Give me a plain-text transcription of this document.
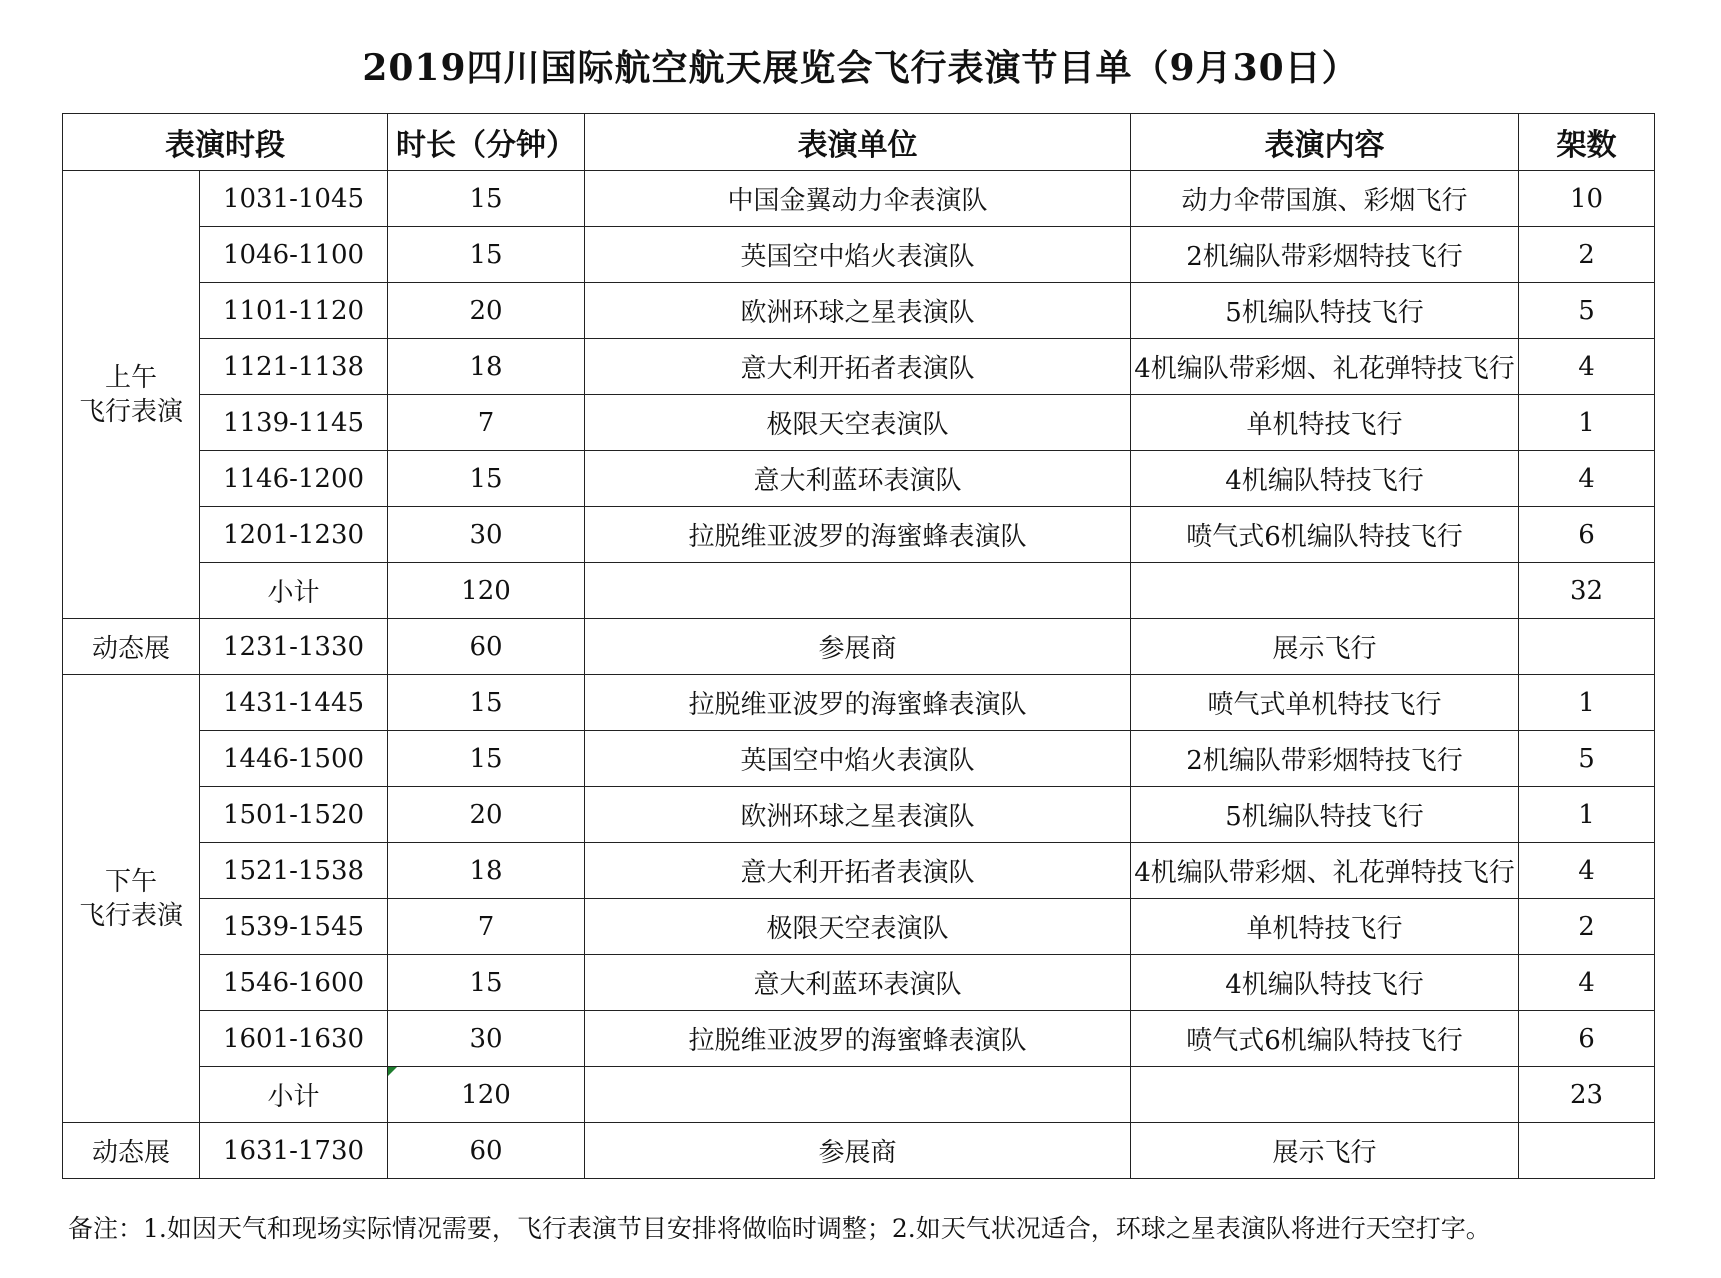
2019四川国际航空航天展览会飞行表演节目单（9月30日）
表演时段		时长（分钟）	表演单位	表演内容	架数

上午
飞行表演	1031-1045	15	中国金翼动力伞表演队	动力伞带国旗、彩烟飞行	10
	1046-1100	15	英国空中焰火表演队	2机编队带彩烟特技飞行	2
	1101-1120	20	欧洲环球之星表演队	5机编队特技飞行	5
	1121-1138	18	意大利开拓者表演队	4机编队带彩烟、礼花弹特技飞行	4
	1139-1145	7	极限天空表演队	单机特技飞行	1
	1146-1200	15	意大利蓝环表演队	4机编队特技飞行	4
	1201-1230	30	拉脱维亚波罗的海蜜蜂表演队	喷气式6机编队特技飞行	6
	小计	120			32
动态展	1231-1330	60	参展商	展示飞行	

下午
飞行表演	1431-1445	15	拉脱维亚波罗的海蜜蜂表演队	喷气式单机特技飞行	1
	1446-1500	15	英国空中焰火表演队	2机编队带彩烟特技飞行	5
	1501-1520	20	欧洲环球之星表演队	5机编队特技飞行	1
	1521-1538	18	意大利开拓者表演队	4机编队带彩烟、礼花弹特技飞行	4
	1539-1545	7	极限天空表演队	单机特技飞行	2
	1546-1600	15	意大利蓝环表演队	4机编队特技飞行	4
	1601-1630	30	拉脱维亚波罗的海蜜蜂表演队	喷气式6机编队特技飞行	6
	小计	120			23
动态展	1631-1730	60	参展商	展示飞行	
备注：1.如因天气和现场实际情况需要，飞行表演节目安排将做临时调整；2.如天气状况适合，环球之星表演队将进行天空打字。
